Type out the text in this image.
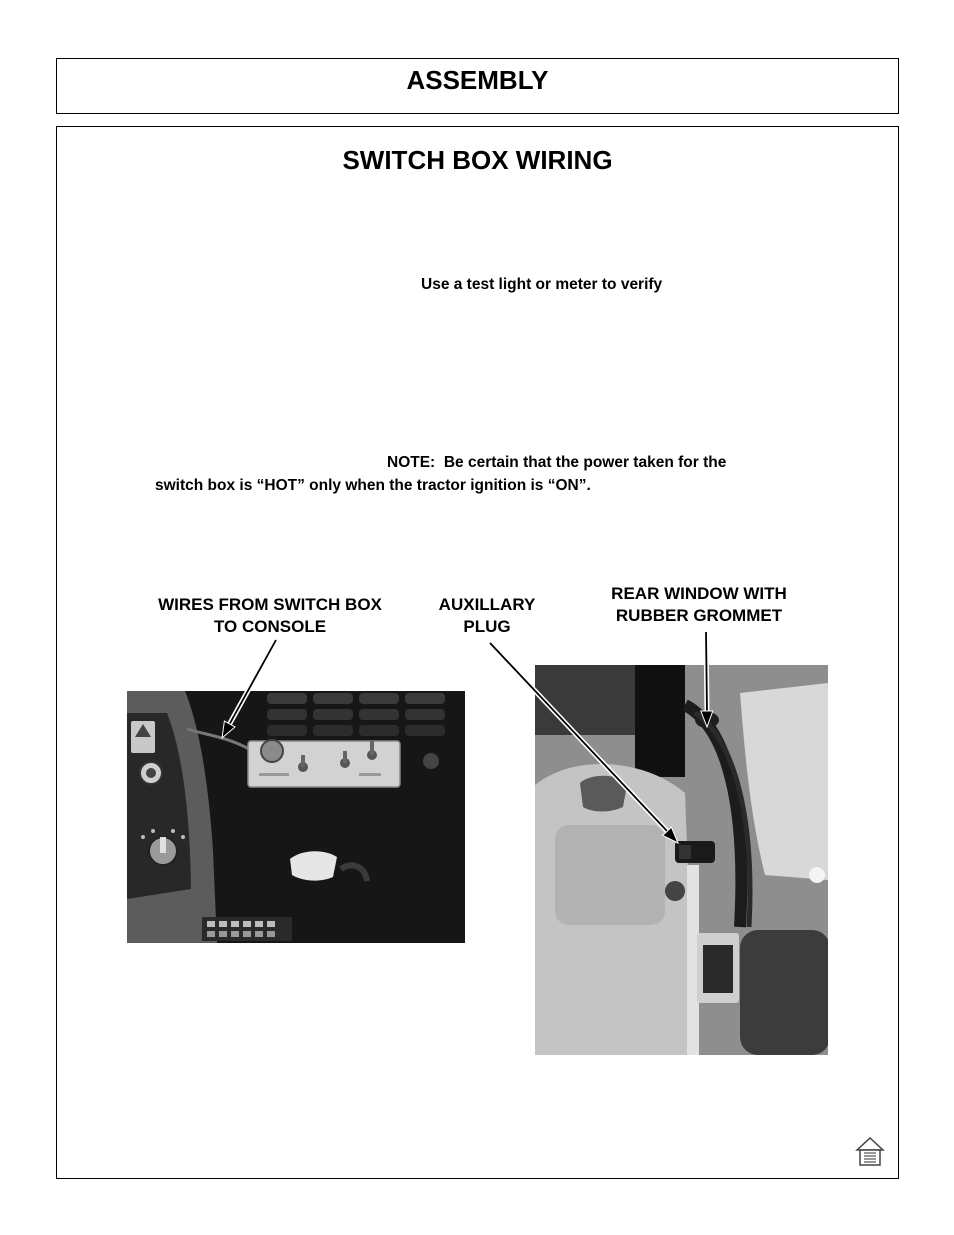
ASSEMBLY
SWITCH BOX WIRING
Use a test light or meter to verify
NOTE:  Be certain that the power taken for the
switch box is “HOT” only when the tractor ignition is “ON”.
WIRES FROM SWITCH BOX
TO CONSOLE
AUXILLARY
PLUG
REAR WINDOW WITH
RUBBER GROMMET
